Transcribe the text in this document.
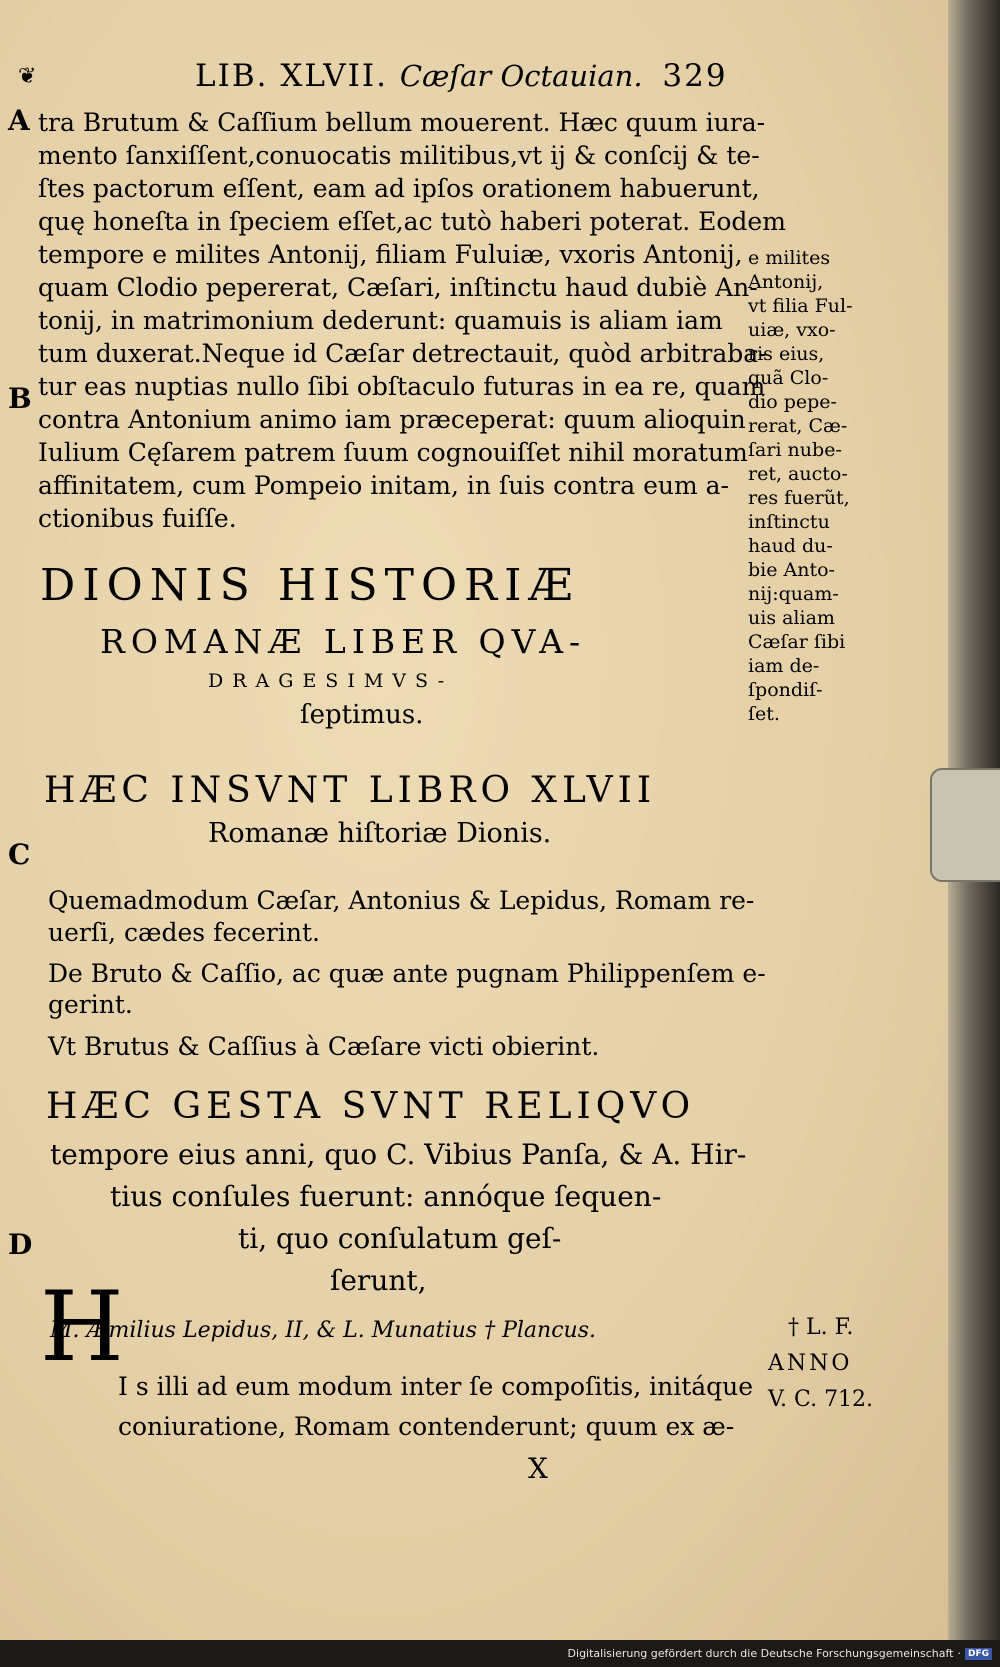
❦	LIB. XLVII. Cæſar Octauian. 329
A
B
C
D
tra Brutum & Caſſium bellum mouerent. Hæc quum iura-
mento ſanxiſſent,conuocatis militibus,vt ij & conſcij & te-
ſtes pactorum eſſent, eam ad ipſos orationem habuerunt,
quę honeſta in ſpeciem eſſet,ac tutò haberi poterat. Eodem
tempore e milites Antonij, filiam Fuluiæ, vxoris Antonij,
quam Clodio pepererat, Cæſari, inſtinctu haud dubiè An-
tonij, in matrimonium dederunt: quamuis is aliam iam
tum duxerat.Neque id Cæſar detrectauit, quòd arbitraba-
tur eas nuptias nullo ſibi obſtaculo futuras in ea re, quam
contra Antonium animo iam præceperat: quum alioquin
Iulium Cęſarem patrem ſuum cognouiſſet nihil moratum
affinitatem, cum Pompeio initam, in ſuis contra eum a-
ctionibus fuiſſe.
e milites
Antonij,
vt filia Ful-
uiæ, vxo-
ris eius,
quã Clo-
dio pepe-
rerat, Cæ-
ſari nube-
ret, aucto-
res fuerũt,
inſtinctu
haud du-
bie Anto-
nij:quam-
uis aliam
Cæſar ſibi
iam de-
ſpondiſ-
ſet.
DIONIS HISTORIÆ
ROMANÆ LIBER QVA-
DRAGESIMVS-
ſeptimus.
HÆC INSVNT LIBRO XLVII
Romanæ hiſtoriæ Dionis.
Quemadmodum Cæſar, Antonius & Lepidus, Romam re-
uerſi, cædes fecerint.
De Bruto & Caſſio, ac quæ ante pugnam Philippenſem e-
gerint.
Vt Brutus & Caſſius à Cæſare victi obierint.
HÆC GESTA SVNT RELIQVO
tempore eius anni, quo C. Vibius Panſa, & A. Hir-
tius conſules fuerunt: annóque ſequen-
ti, quo conſulatum geſ-
ſerunt,
M. Æmilius Lepidus, II, & L. Munatius † Plancus.	† L. F.
ANNO
V. C. 712.
H
I s illi ad eum modum inter ſe compoſitis, initáque
coniuratione, Romam contenderunt; quum ex æ-
X
Digitalisierung gefördert durch die Deutsche Forschungsgemeinschaft · DFG
